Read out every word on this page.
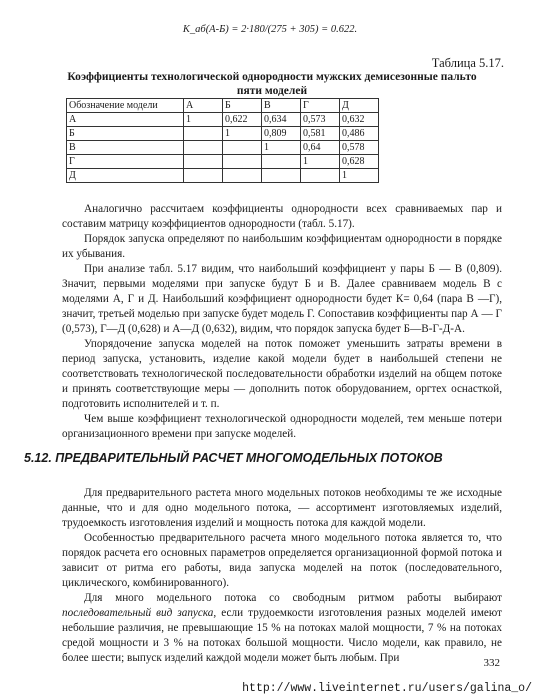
K_аб(А-Б) = 2·180/(275 + 305) = 0.622.
Таблица 5.17.
Коэффициенты технологической однородности мужских демисезонные пальто пяти моделей
Обозначение модели	А	Б	В	Г	Д
А	1	0,622	0,634	0,573	0,632
Б		1	0,809	0,581	0,486
В			1	0,64	0,578
Г				1	0,628
Д					1

Аналогично рассчитаем коэффициенты однородности всех сравниваемых пар и составим матрицу коэффициентов однородности (табл. 5.17).

Порядок запуска определяют по наибольшим коэффициентам однородности в порядке их убывания.

При анализе табл. 5.17 видим, что наибольший коэффициент у пары Б — В (0,809). Значит, первыми моделями при запуске будут Б и В. Далее сравниваем модель В с моделями А, Г и Д. Наибольший коэффициент однородности будет К= 0,64 (пара В —Г), значит, третьей моделью при запуске будет модель Г. Сопоставив коэффициенты пар А — Г (0,573), Г—Д (0,628) и А—Д (0,632), видим, что порядок запуска будет Б—В-Г-Д-А.

Упорядочение запуска моделей на поток поможет уменьшить затраты времени в период запуска, установить, изделие какой модели будет в наибольшей степени не соответствовать технологической последовательности обработки изделий на общем потоке и принять соответствующие меры — дополнить поток оборудованием, оргтех оснасткой, подготовить исполнителей и т. п.

Чем выше коэффициент технологической однородности моделей, тем меньше потери организационного времени при запуске моделей.

5.12. ПРЕДВАРИТЕЛЬНЫЙ РАСЧЕТ МНОГОМОДЕЛЬНЫХ ПОТОКОВ

Для предварительного растета много модельных потоков необходимы те же исходные данные, что и для одно модельного потока, — ассортимент изготовляемых изделий, трудоемкость изготовления изделий и мощность потока для каждой модели.

Особенностью предварительного расчета много модельного потока является то, что порядок расчета его основных параметров определяется организационной формой потока и зависит от ритма его работы, вида запуска моделей на поток (последовательного, циклического, комбинированного).

Для много модельного потока со свободным ритмом работы выбирают последовательный вид запуска, если трудоемкости изготовления разных моделей имеют небольшие различия, не превышающие 15 % на потоках малой мощности, 7 % на потоках средой мощности и 3 % на потоках большой мощности. Число модели, как правило, не более шести; выпуск изделий каждой модели может быть любым. При	332
http://www.liveinternet.ru/users/galina_o/
